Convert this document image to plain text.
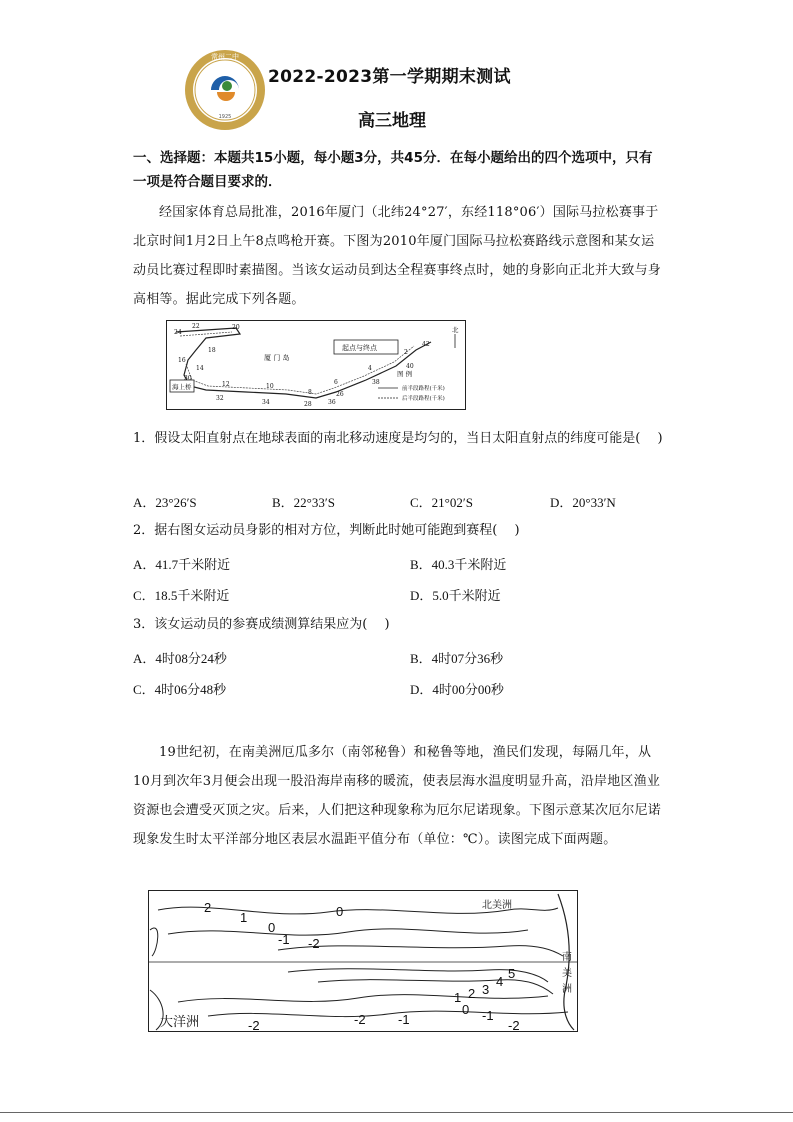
常州二中
1925
2022-2023第一学期期末测试
高三地理
一、选择题：本题共15小题，每小题3分，共45分．在每小题给出的四个选项中，只有一项是符合题目要求的．
经国家体育总局批准，2016年厦门（北纬24°27′，东经118°06′）国际马拉松赛事于北京时间1月2日上午8点鸣枪开赛。下图为2010年厦门国际马拉松赛路线示意图和某女运动员比赛过程即时素描图。当该女运动员到达全程赛事终点时，她的身影向正北并大致与身高相等。据此完成下列各题。
厦 门 岛
起点与终点
海上桥
图 例
前半段路程(千米)
后半段路程(千米)
北
24
22	20
18
16
14
12	10
8
6
4
2
42
40
38
36
34
32
30
28
26
1．假设太阳直射点在地球表面的南北移动速度是均匀的，当日太阳直射点的纬度可能是(　 )
A．23°26′S	B．22°33′S	C．21°02′S	D．20°33′N
2．据右图女运动员身影的相对方位，判断此时她可能跑到赛程(　 )
A．41.7千米附近	B．40.3千米附近
C．18.5千米附近	D．5.0千米附近
3．该女运动员的参赛成绩测算结果应为(　 )
A．4时08分24秒	B．4时07分36秒
C．4时06分48秒	D．4时00分00秒
19世纪初，在南美洲厄瓜多尔（南邻秘鲁）和秘鲁等地，渔民们发现，每隔几年，从10月到次年3月便会出现一股沿海岸南移的暖流，使表层海水温度明显升高，沿岸地区渔业资源也会遭受灭顶之灾。后来，人们把这种现象称为厄尔尼诺现象。下图示意某次厄尔尼诺现象发生时太平洋部分地区表层水温距平值分布（单位：℃）。读图完成下面两题。
2
1
0
-1
0
1 2 3
4
5
0 -1
-2 -1	-2
-2
-2
大洋洲
北美洲
南
美
洲
